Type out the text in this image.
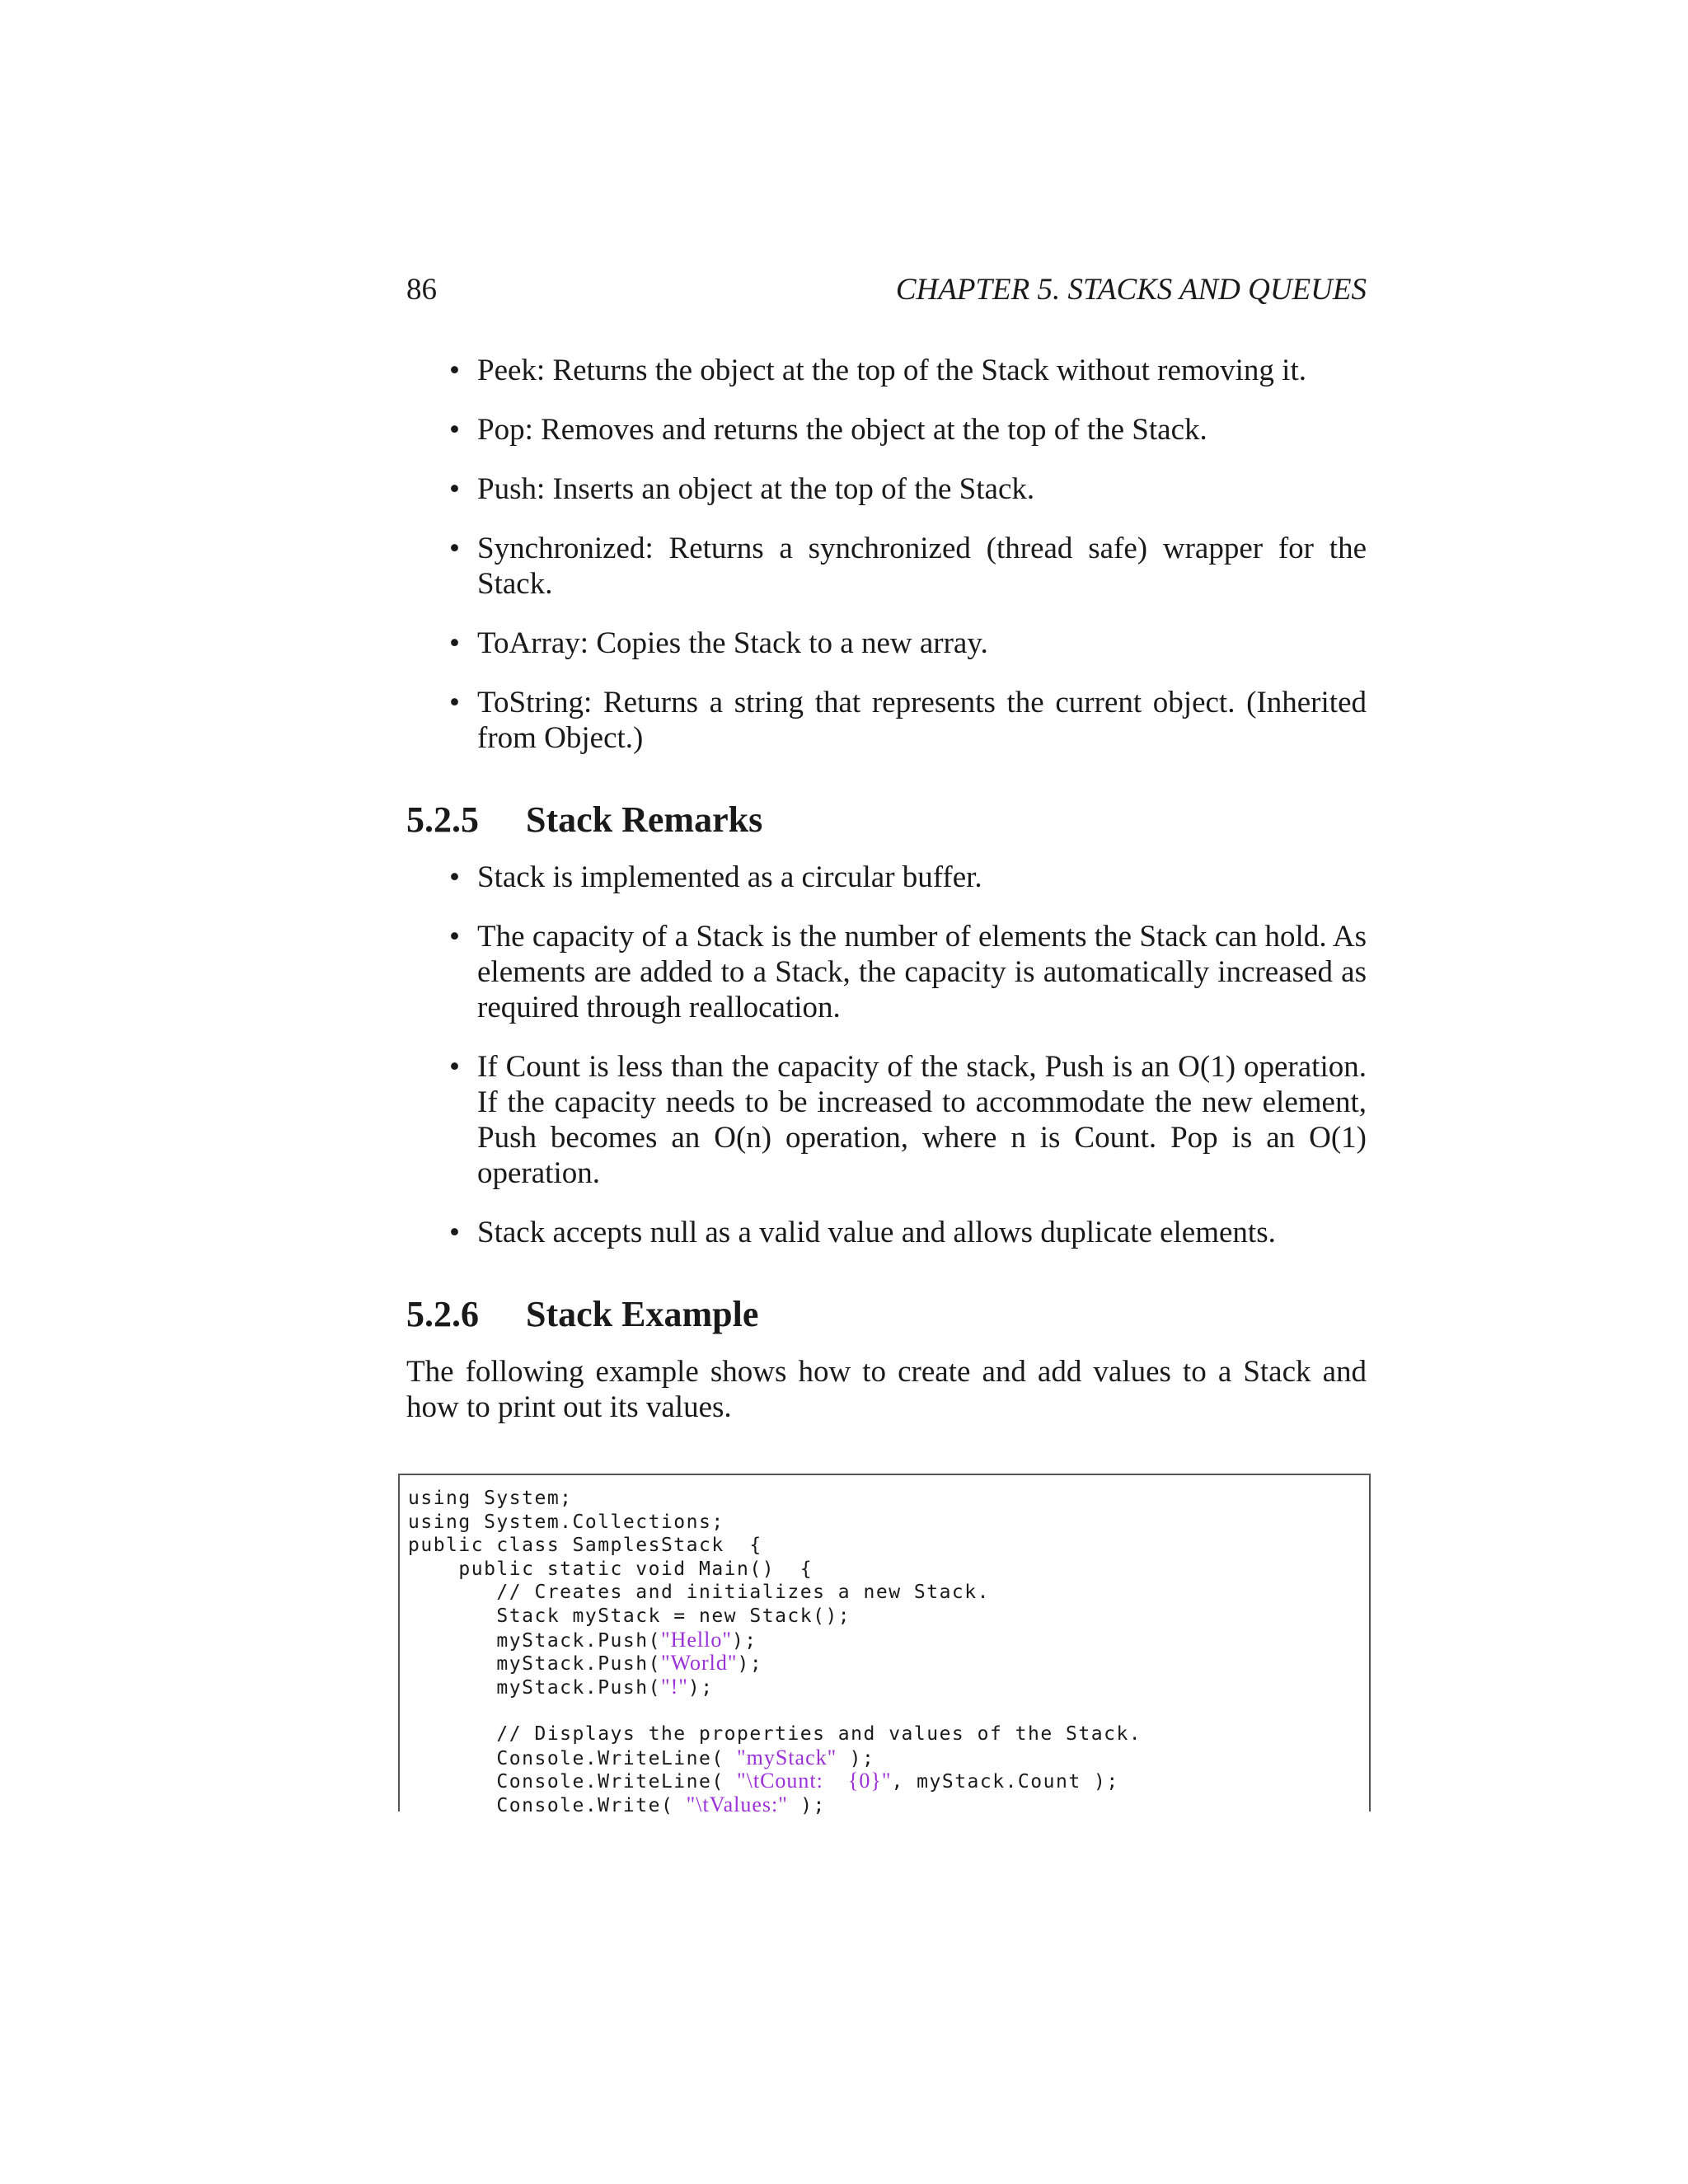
86	CHAPTER 5. STACKS AND QUEUES
• Peek: Returns the object at the top of the Stack without removing it.
• Pop: Removes and returns the object at the top of the Stack.
• Push: Inserts an object at the top of the Stack.
• Synchronized: Returns a synchronized (thread safe) wrapper for the Stack.
• ToArray: Copies the Stack to a new array.
• ToString: Returns a string that represents the current object. (Inherited from Object.)
5.2.5 Stack Remarks
• Stack is implemented as a circular buffer.
• The capacity of a Stack is the number of elements the Stack can hold. As elements are added to a Stack, the capacity is automatically increased as required through reallocation.
• If Count is less than the capacity of the stack, Push is an O(1) operation. If the capacity needs to be increased to accommodate the new element, Push becomes an O(n) operation, where n is Count. Pop is an O(1) operation.
• Stack accepts null as a valid value and allows duplicate elements.
5.2.6 Stack Example

The following example shows how to create and add values to a Stack and how to print out its values.

using System;
using System.Collections;
public class SamplesStack  {
public static void Main()  {
// Creates and initializes a new Stack.
Stack myStack = new Stack();
myStack.Push("Hello");
myStack.Push("World");
myStack.Push("!");
// Displays the properties and values of the Stack.
Console.WriteLine( "myStack" );
Console.WriteLine( "\tCount:    {0}", myStack.Count );
Console.Write( "\tValues:" );
